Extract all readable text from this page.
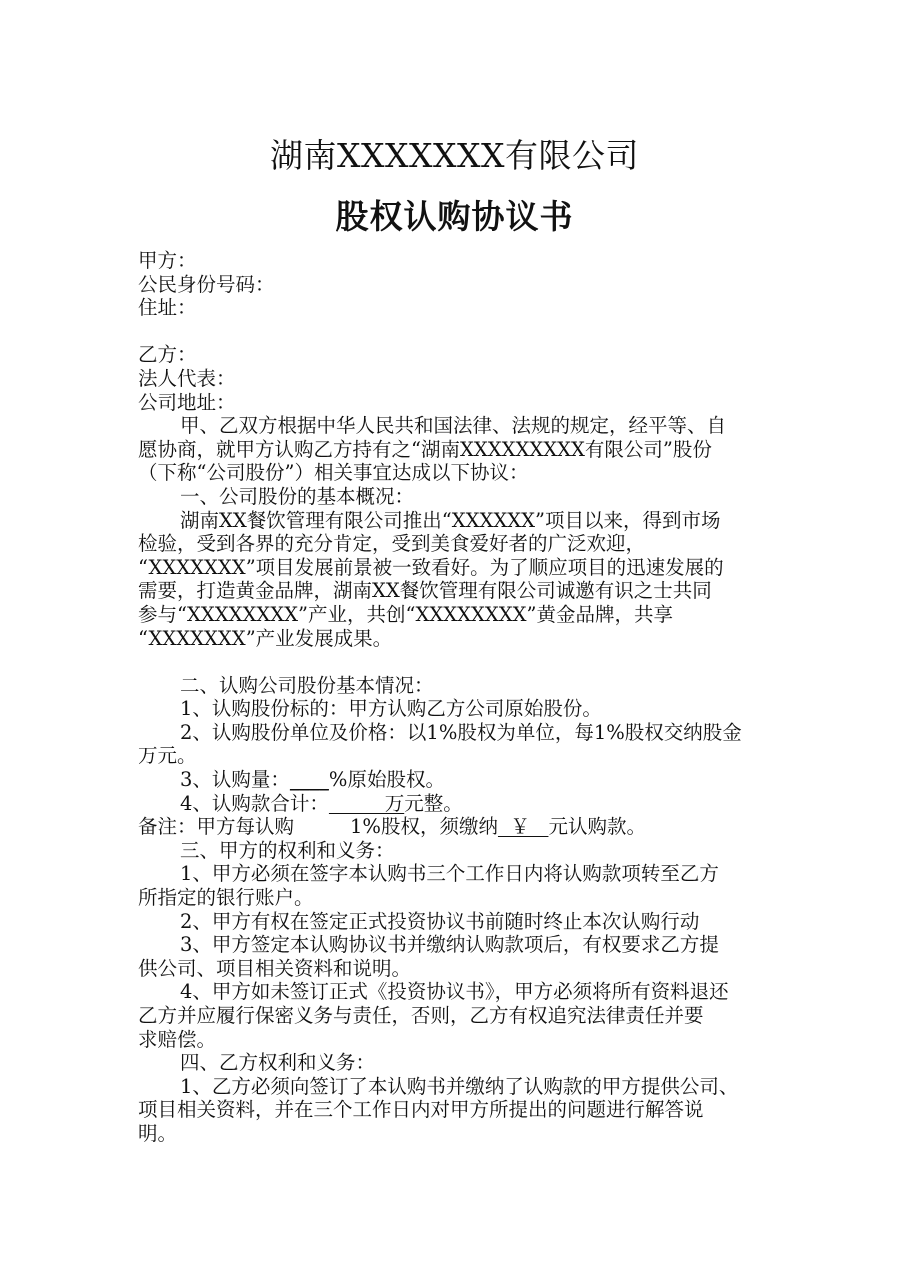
湖南XXXXXXX有限公司
股权认购协议书

甲方：

公民身份号码：

住址：

乙方：

法人代表：

公司地址：

甲、乙双方根据中华人民共和国法律、法规的规定，经平等、自

愿协商，就甲方认购乙方持有之“湖南XXXXXXXXX有限公司”股份

（下称“公司股份”）相关事宜达成以下协议：

一、公司股份的基本概况：

湖南XX餐饮管理有限公司推出“XXXXXX”项目以来，得到市场

检验，受到各界的充分肯定，受到美食爱好者的广泛欢迎，

“XXXXXXX”项目发展前景被一致看好。为了顺应项目的迅速发展的

需要，打造黄金品牌，湖南XX餐饮管理有限公司诚邀有识之士共同

参与“XXXXXXXX”产业，共创“XXXXXXXX”黄金品牌，共享

“XXXXXXX”产业发展成果。

二、认购公司股份基本情况：

1、认购股份标的：甲方认购乙方公司原始股份。

2、认购股份单位及价格：以1%股权为单位，每1%股权交纳股金

万元。

3、认购量：____%原始股权。

4、认购款合计：         万元整。

备注：甲方每认购	1%股权，须缴纳  ￥   元认购款。

三、甲方的权利和义务：

1、甲方必须在签字本认购书三个工作日内将认购款项转至乙方

所指定的银行账户。

2、甲方有权在签定正式投资协议书前随时终止本次认购行动

3、甲方签定本认购协议书并缴纳认购款项后，有权要求乙方提

供公司、项目相关资料和说明。

4、甲方如未签订正式《投资协议书》，甲方必须将所有资料退还

乙方并应履行保密义务与责任，否则，乙方有权追究法律责任并要

求赔偿。

四、乙方权利和义务：

1、乙方必须向签订了本认购书并缴纳了认购款的甲方提供公司、

项目相关资料，并在三个工作日内对甲方所提出的问题进行解答说

明。
